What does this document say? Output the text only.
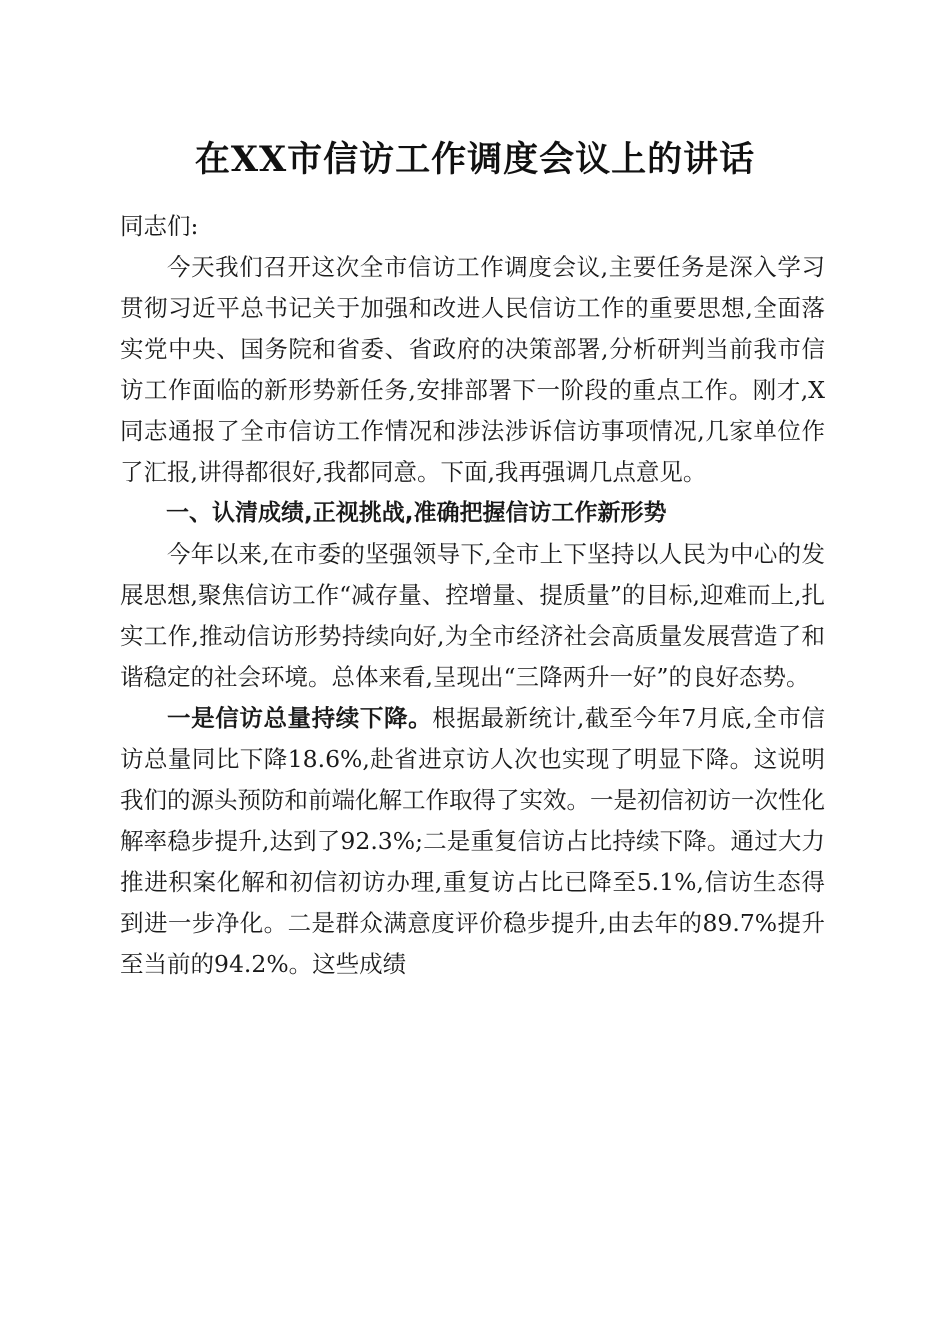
在XX市信访工作调度会议上的讲话

同志们:

今天我们召开这次全市信访工作调度会议,主要任务是深入学习贯彻习近平总书记关于加强和改进人民信访工作的重要思想,全面落实党中央、国务院和省委、省政府的决策部署,分析研判当前我市信访工作面临的新形势新任务,安排部署下一阶段的重点工作。刚才,X同志通报了全市信访工作情况和涉法涉诉信访事项情况,几家单位作了汇报,讲得都很好,我都同意。下面,我再强调几点意见。

一、认清成绩,正视挑战,准确把握信访工作新形势

今年以来,在市委的坚强领导下,全市上下坚持以人民为中心的发展思想,聚焦信访工作“减存量、控增量、提质量”的目标,迎难而上,扎实工作,推动信访形势持续向好,为全市经济社会高质量发展营造了和谐稳定的社会环境。总体来看,呈现出“三降两升一好”的良好态势。

一是信访总量持续下降。根据最新统计,截至今年7月底,全市信访总量同比下降18.6%,赴省进京访人次也实现了明显下降。这说明我们的源头预防和前端化解工作取得了实效。一是初信初访一次性化解率稳步提升,达到了92.3%;二是重复信访占比持续下降。通过大力推进积案化解和初信初访办理,重复访占比已降至5.1%,信访生态得到进一步净化。二是群众满意度评价稳步提升,由去年的89.7%提升至当前的94.2%。这些成绩
